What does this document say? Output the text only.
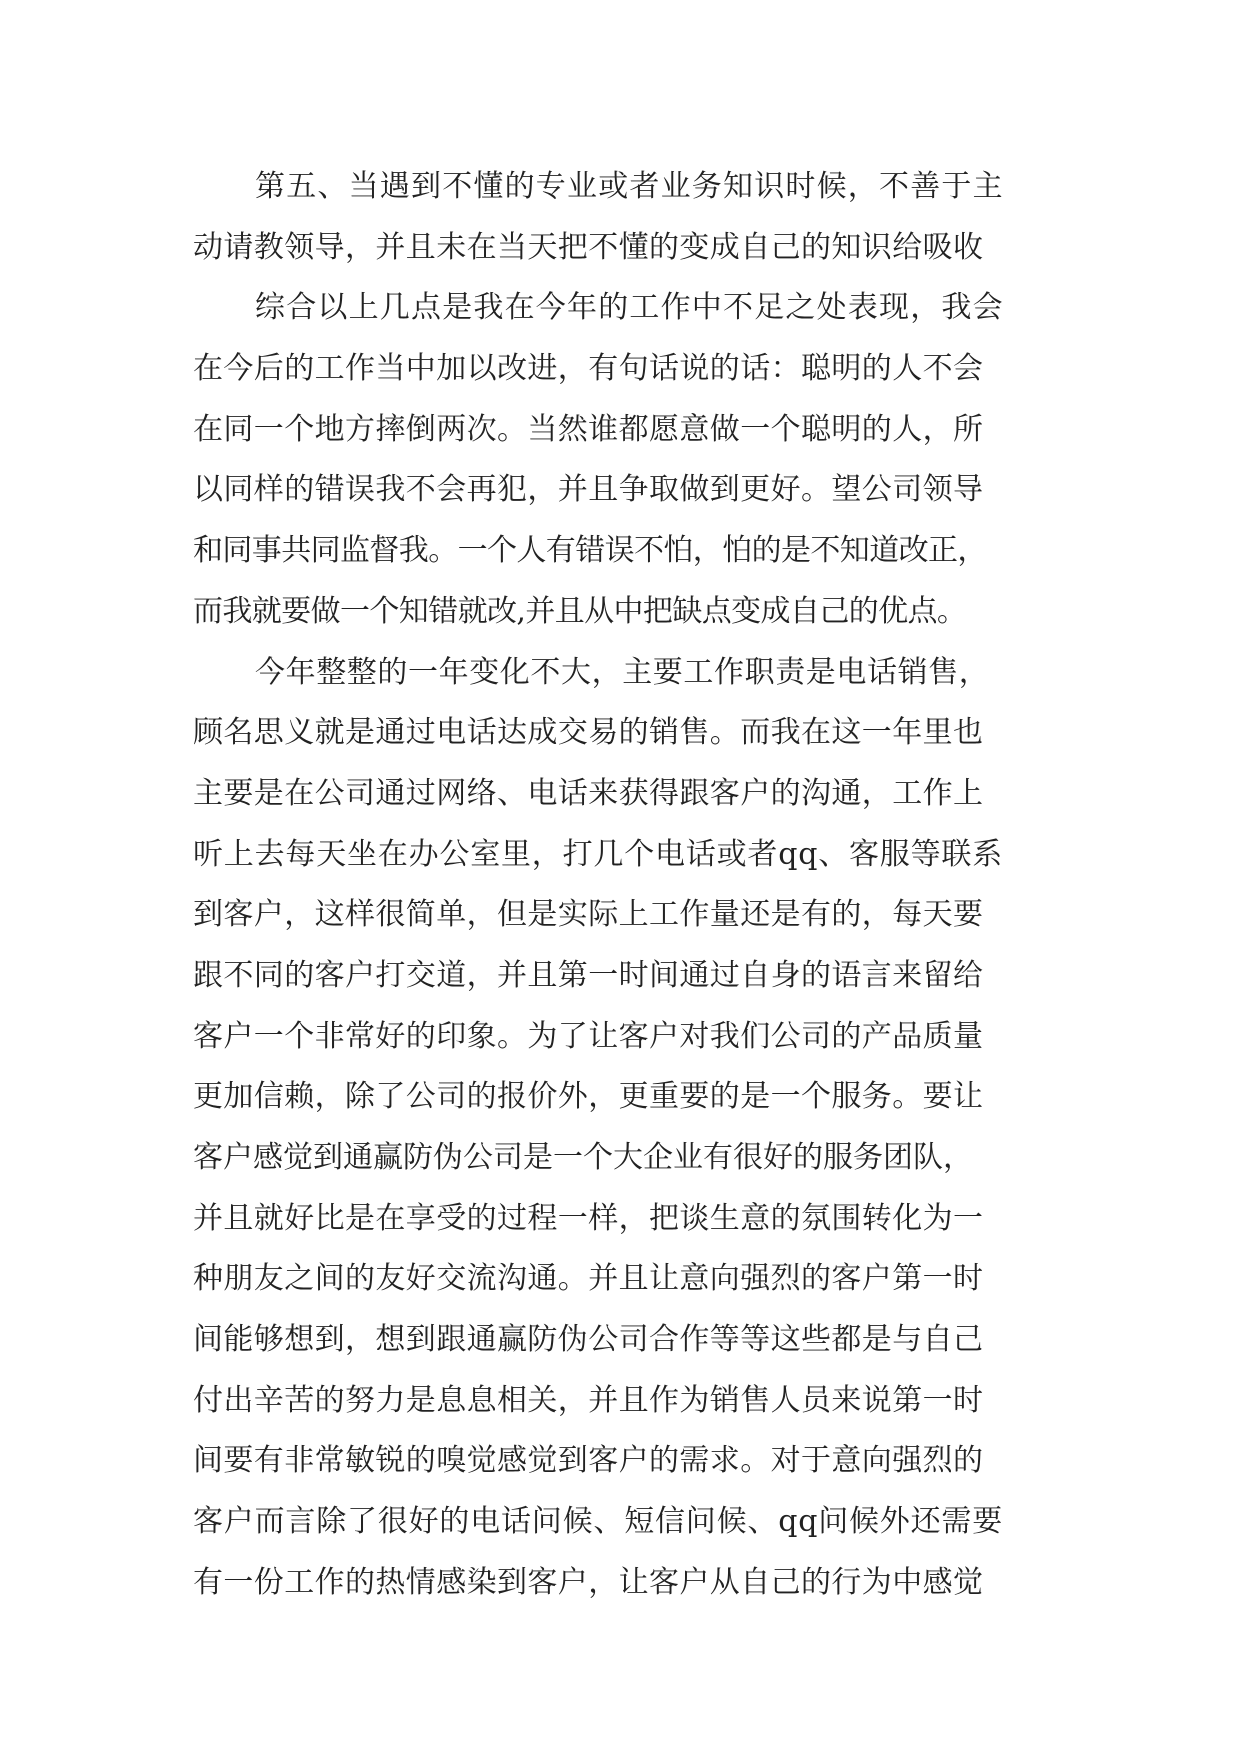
第五、当遇到不懂的专业或者业务知识时候，不善于主
动请教领导，并且未在当天把不懂的变成自己的知识给吸收
综合以上几点是我在今年的工作中不足之处表现，我会
在今后的工作当中加以改进，有句话说的话：聪明的人不会
在同一个地方摔倒两次。当然谁都愿意做一个聪明的人，所
以同样的错误我不会再犯，并且争取做到更好。望公司领导
和同事共同监督我。一个人有错误不怕，怕的是不知道改正，
而我就要做一个知错就改,并且从中把缺点变成自己的优点。
今年整整的一年变化不大，主要工作职责是电话销售，
顾名思义就是通过电话达成交易的销售。而我在这一年里也
主要是在公司通过网络、电话来获得跟客户的沟通，工作上
听上去每天坐在办公室里，打几个电话或者qq、客服等联系
到客户，这样很简单，但是实际上工作量还是有的，每天要
跟不同的客户打交道，并且第一时间通过自身的语言来留给
客户一个非常好的印象。为了让客户对我们公司的产品质量
更加信赖，除了公司的报价外，更重要的是一个服务。要让
客户感觉到通赢防伪公司是一个大企业有很好的服务团队，
并且就好比是在享受的过程一样，把谈生意的氛围转化为一
种朋友之间的友好交流沟通。并且让意向强烈的客户第一时
间能够想到，想到跟通赢防伪公司合作等等这些都是与自己
付出辛苦的努力是息息相关，并且作为销售人员来说第一时
间要有非常敏锐的嗅觉感觉到客户的需求。对于意向强烈的
客户而言除了很好的电话问候、短信问候、qq问候外还需要
有一份工作的热情感染到客户，让客户从自己的行为中感觉
